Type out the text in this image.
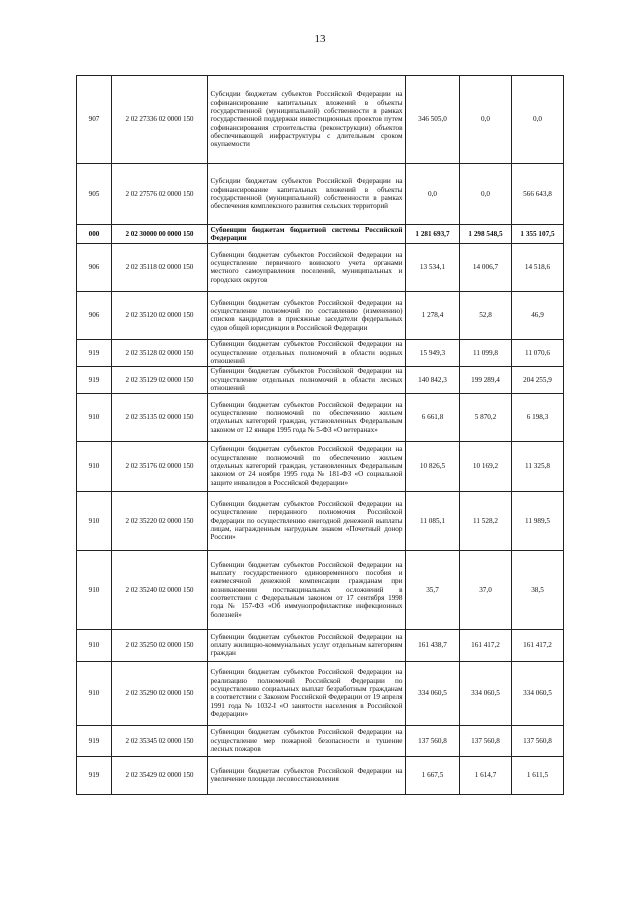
13
907	2 02 27336 02 0000 150	Субсидии бюджетам субъектов Российской Федерации на софинансирование капитальных вложений в объекты государственной (муниципальной) собственности в рамках государственной поддержки инвестиционных проектов путем софинансирования строительства (реконструкции) объектов обеспечивающей инфраструктуры с длительным сроком окупаемости	346 505,0	0,0	0,0
905	2 02 27576 02 0000 150	Субсидии бюджетам субъектов Российской Федерации на софинансирование капитальных вложений в объекты государственной (муниципальной) собственности в рамках обеспечения комплексного развития сельских территорий	0,0	0,0	566 643,8
000	2 02 30000 00 0000 150	Субвенции бюджетам бюджетной системы Российской Федерации	1 281 693,7	1 298 548,5	1 355 107,5
906	2 02 35118 02 0000 150	Субвенции бюджетам субъектов Российской Федерации на осуществление первичного воинского учета органами местного самоуправления поселений, муниципальных и городских округов	13 534,1	14 006,7	14 518,6
906	2 02 35120 02 0000 150	Субвенции бюджетам субъектов Российской Федерации на осуществление полномочий по составлению (изменению) списков кандидатов в присяжные заседатели федеральных судов общей юрисдикции в Российской Федерации	1 278,4	52,8	46,9
919	2 02 35128 02 0000 150	Субвенции бюджетам субъектов Российской Федерации на осуществление отдельных полномочий в области водных отношений	15 949,3	11 099,8	11 070,6
919	2 02 35129 02 0000 150	Субвенции бюджетам субъектов Российской Федерации на осуществление отдельных полномочий в области лесных отношений	140 842,3	199 289,4	204 255,9
910	2 02 35135 02 0000 150	Субвенции бюджетам субъектов Российской Федерации на осуществление полномочий по обеспечению жильем отдельных категорий граждан, установленных Федеральным законом от 12 января 1995 года № 5-ФЗ «О ветеранах»	6 661,8	5 870,2	6 198,3
910	2 02 35176 02 0000 150	Субвенции бюджетам субъектов Российской Федерации на осуществление полномочий по обеспечению жильем отдельных категорий граждан, установленных Федеральным законом от 24 ноября 1995 года № 181-ФЗ «О социальной защите инвалидов в Российской Федерации»	10 826,5	10 169,2	11 325,8
910	2 02 35220 02 0000 150	Субвенции бюджетам субъектов Российской Федерации на осуществление переданного полномочия Российской Федерации по осуществлению ежегодной денежной выплаты лицам, награжденным нагрудным знаком «Почетный донор России»	11 085,1	11 528,2	11 989,5
910	2 02 35240 02 0000 150	Субвенции бюджетам субъектов Российской Федерации на выплату государственного единовременного пособия и ежемесячной денежной компенсации гражданам при возникновении поствакцинальных осложнений в соответствии с Федеральным законом от 17 сентября 1998 года № 157-ФЗ «Об иммунопрофилактике инфекционных болезней»	35,7	37,0	38,5
910	2 02 35250 02 0000 150	Субвенции бюджетам субъектов Российской Федерации на оплату жилищно-коммунальных услуг отдельным категориям граждан	161 438,7	161 417,2	161 417,2
910	2 02 35290 02 0000 150	Субвенции бюджетам субъектов Российской Федерации на реализацию полномочий Российской Федерации по осуществлению социальных выплат безработным гражданам в соответствии с Законом Российской Федерации от 19 апреля 1991 года № 1032-I «О занятости населения в Российской Федерации»	334 060,5	334 060,5	334 060,5
919	2 02 35345 02 0000 150	Субвенции бюджетам субъектов Российской Федерации на осуществление мер пожарной безопасности и тушение лесных пожаров	137 560,8	137 560,8	137 560,8
919	2 02 35429 02 0000 150	Субвенции бюджетам субъектов Российской Федерации на увеличение площади лесовосстановления	1 667,5	1 614,7	1 611,5
